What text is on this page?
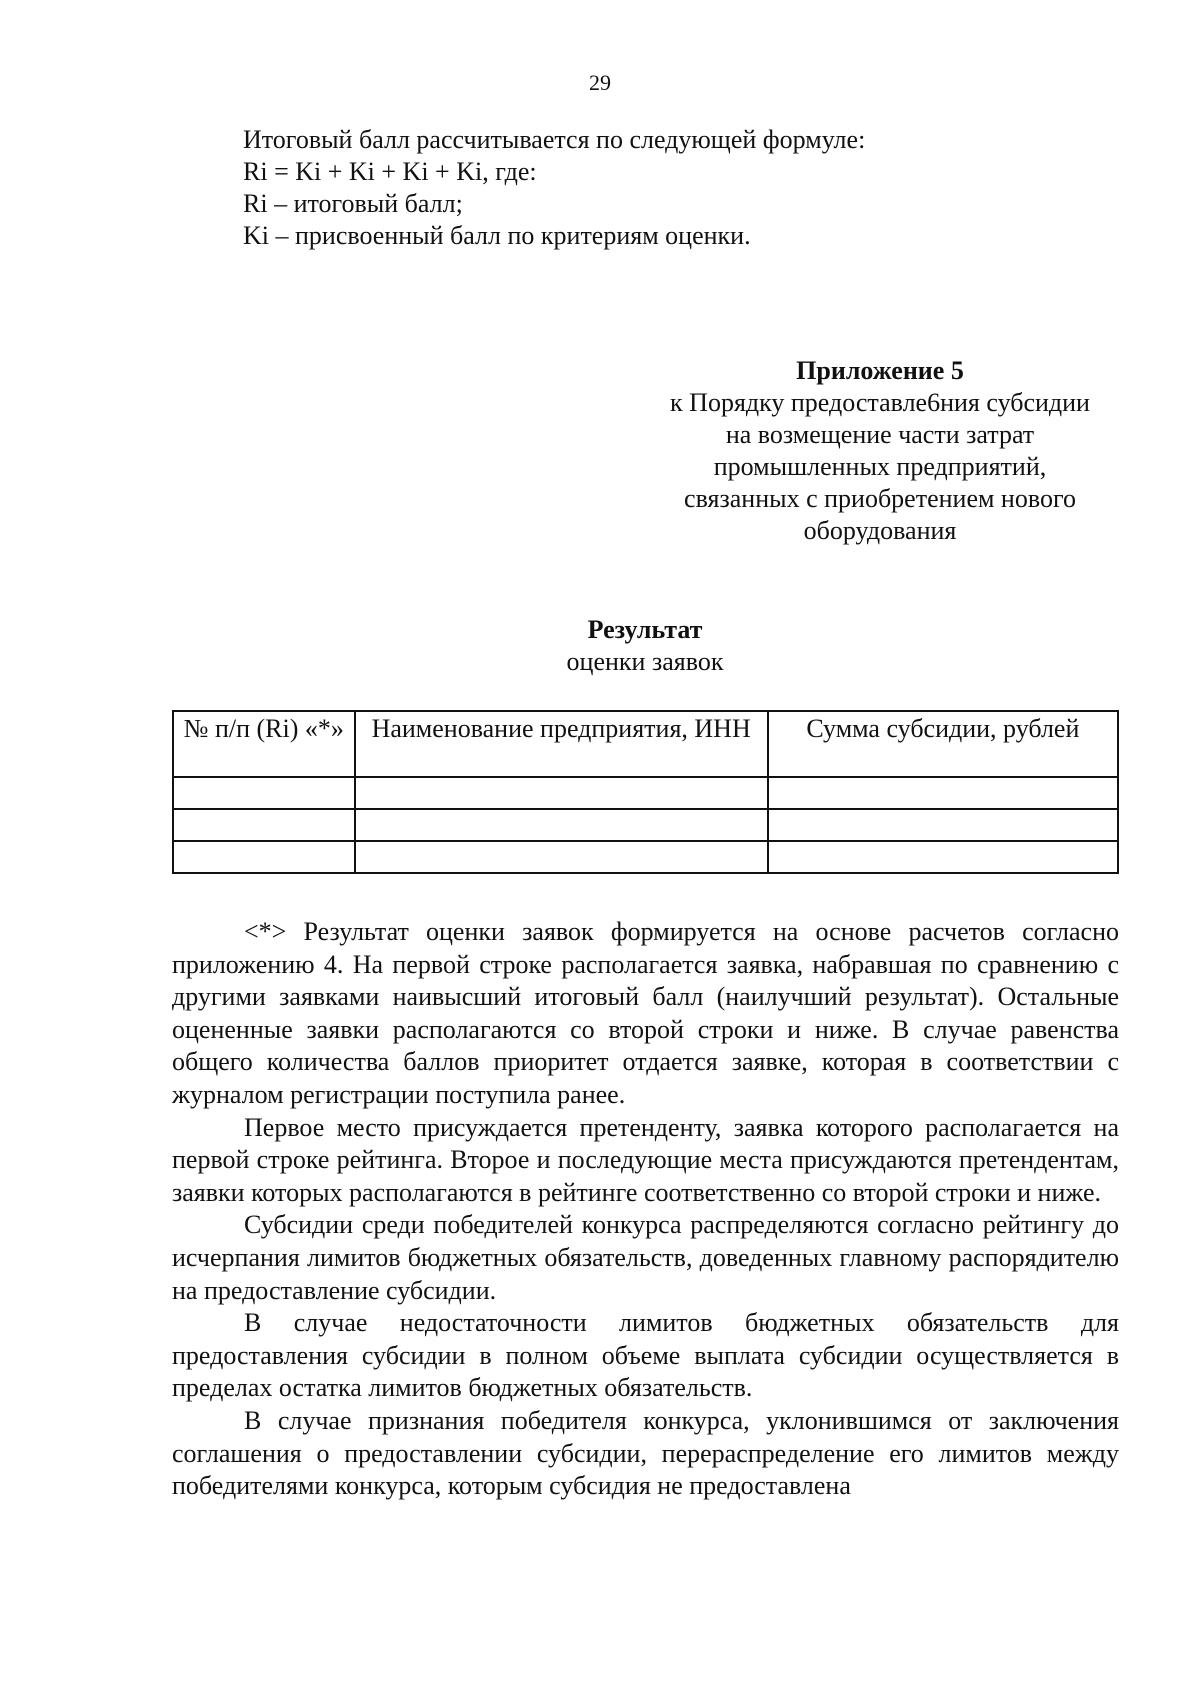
29
Итоговый балл рассчитывается по следующей формуле:
Ri = Ki + Ki + Ki + Ki, где:
Ri – итоговый балл;
Ki – присвоенный балл по критериям оценки.
Приложение 5
к Порядку предоставле6ния субсидии
на возмещение части затрат
промышленных предприятий,
связанных с приобретением нового
оборудования
Результат
оценки заявок
№ п/п (Ri) «*»	Наименование предприятия, ИНН	Сумма субсидии, рублей

<*> Результат оценки заявок формируется на основе расчетов согласно приложению 4. На первой строке располагается заявка, набравшая по сравнению с другими заявками наивысший итоговый балл (наилучший результат). Остальные оцененные заявки располагаются со второй строки и ниже. В случае равенства общего количества баллов приоритет отдается заявке, которая в соответствии с журналом регистрации поступила ранее.

Первое место присуждается претенденту, заявка которого располагается на первой строке рейтинга. Второе и последующие места присуждаются претендентам, заявки которых располагаются в рейтинге соответственно со второй строки и ниже.

Субсидии среди победителей конкурса распределяются согласно рейтингу до исчерпания лимитов бюджетных обязательств, доведенных главному распорядителю на предоставление субсидии.

В случае недостаточности лимитов бюджетных обязательств для предоставления субсидии в полном объеме выплата субсидии осуществляется в пределах остатка лимитов бюджетных обязательств.

В случае признания победителя конкурса, уклонившимся от заключения соглашения о предоставлении субсидии, перераспределение его лимитов между победителями конкурса, которым субсидия не предоставлена
